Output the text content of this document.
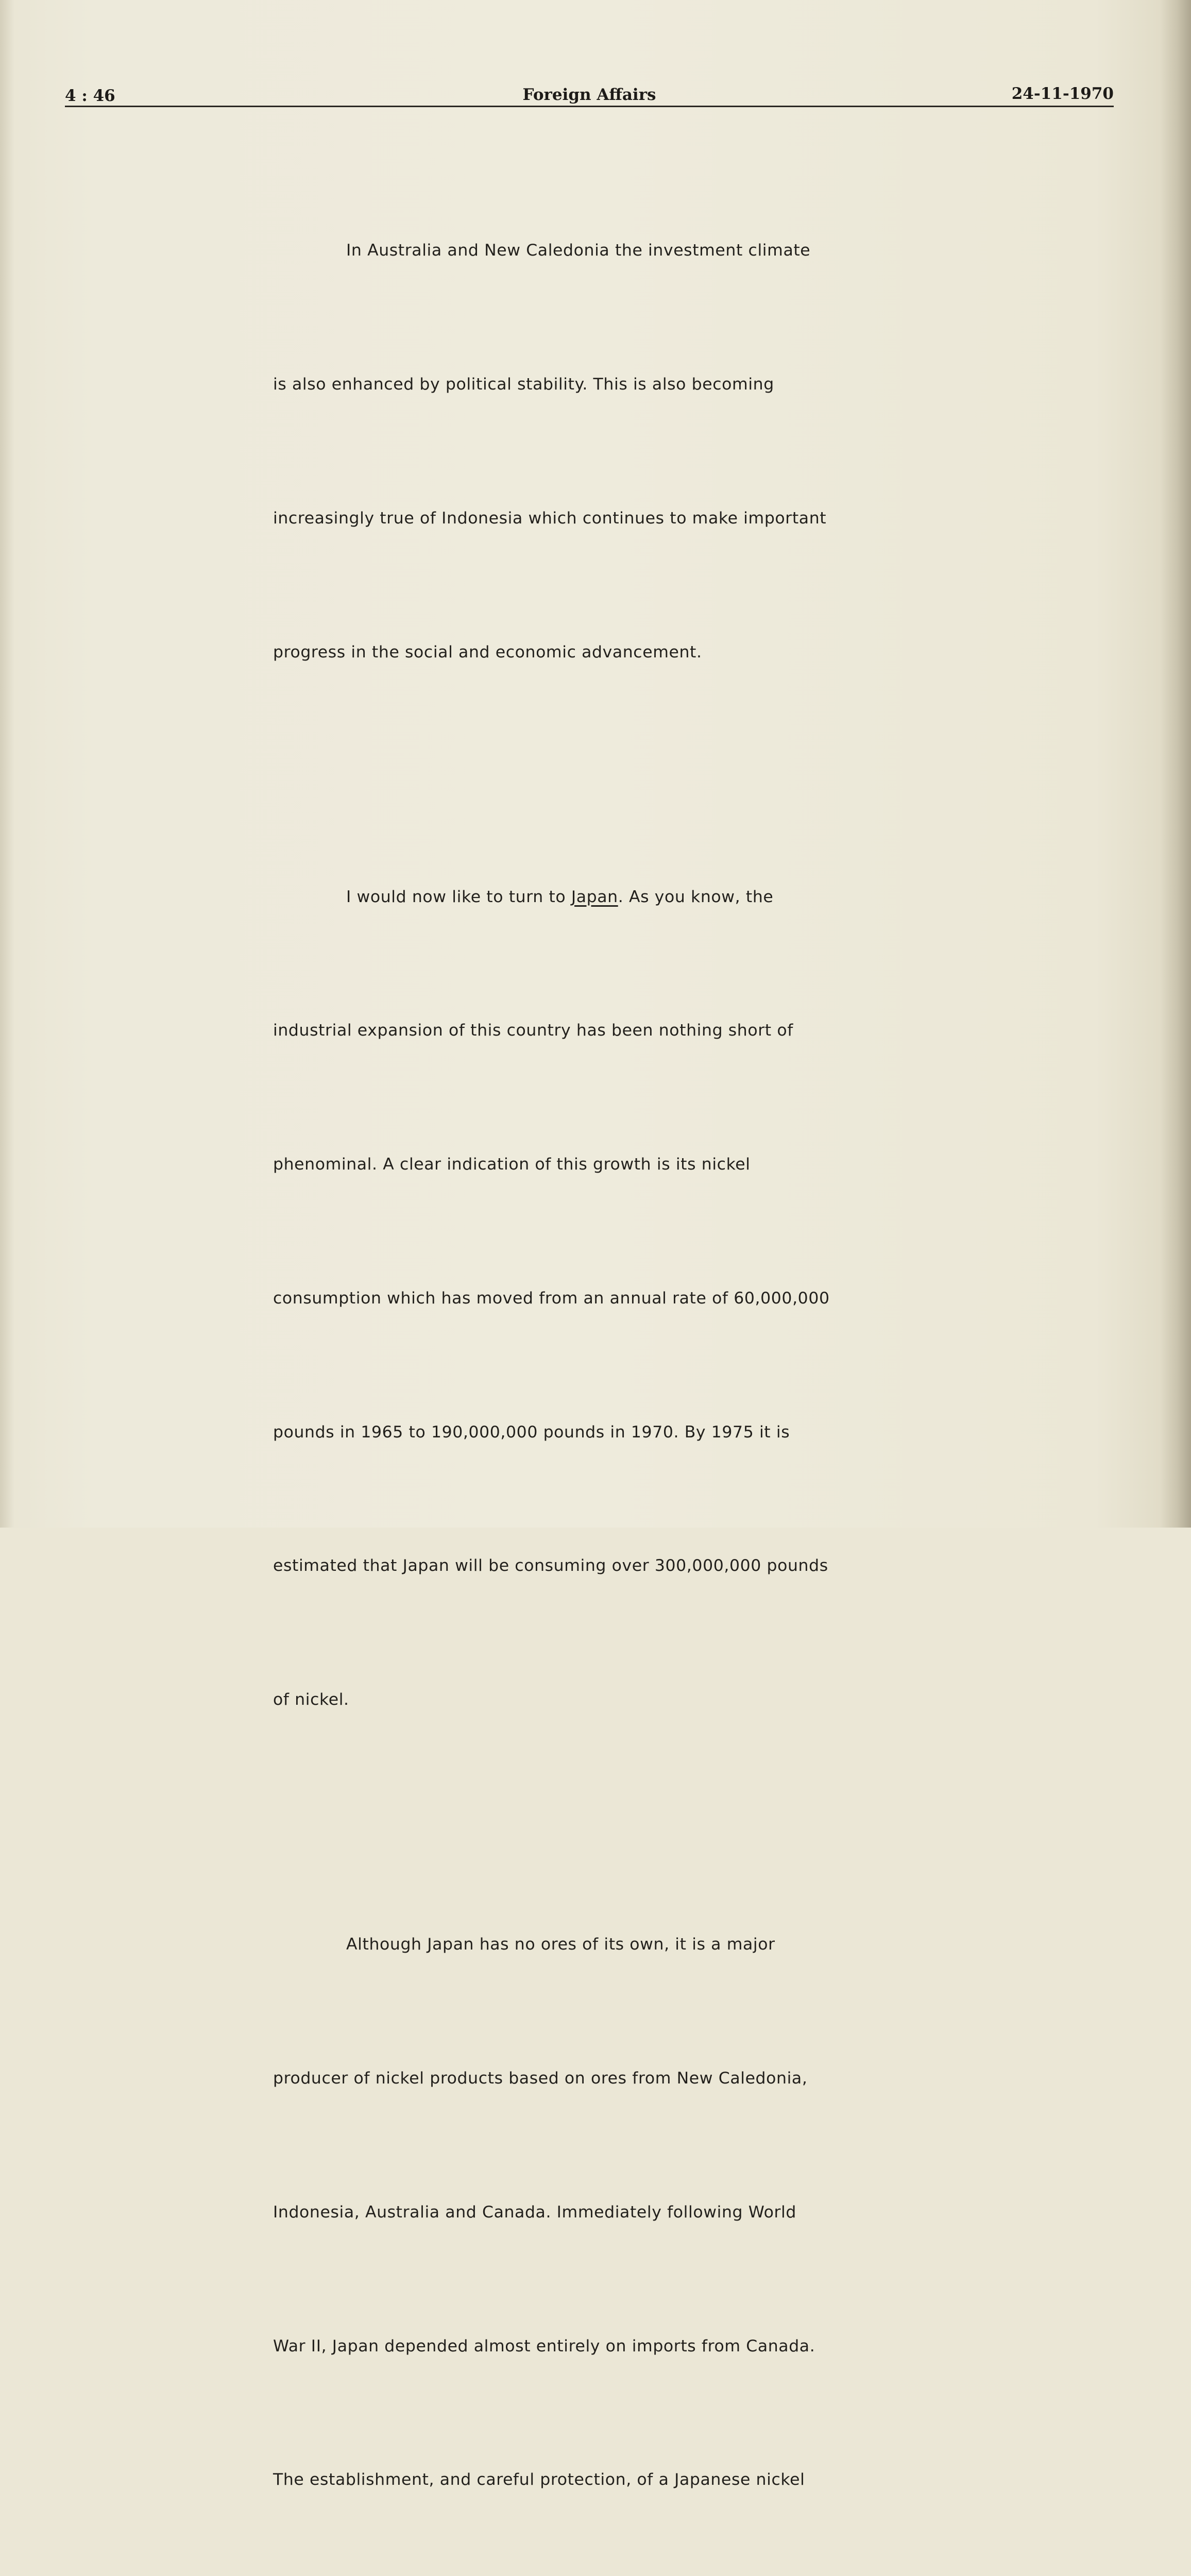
4 : 46	Foreign Affairs	24-11-1970

In Australia and New Caledonia the investment climate

is also enhanced by political stability. This is also becoming

increasingly true of Indonesia which continues to make important

progress in the social and economic advancement.

I would now like to turn to Japan. As you know, the

industrial expansion of this country has been nothing short of

phenominal. A clear indication of this growth is its nickel

consumption which has moved from an annual rate of 60,000,000

pounds in 1965 to 190,000,000 pounds in 1970. By 1975 it is

estimated that Japan will be consuming over 300,000,000 pounds

of nickel.

Although Japan has no ores of its own, it is a major

producer of nickel products based on ores from New Caledonia,

Indonesia, Australia and Canada. Immediately following World

War II, Japan depended almost entirely on imports from Canada.

The establishment, and careful protection, of a Japanese nickel
